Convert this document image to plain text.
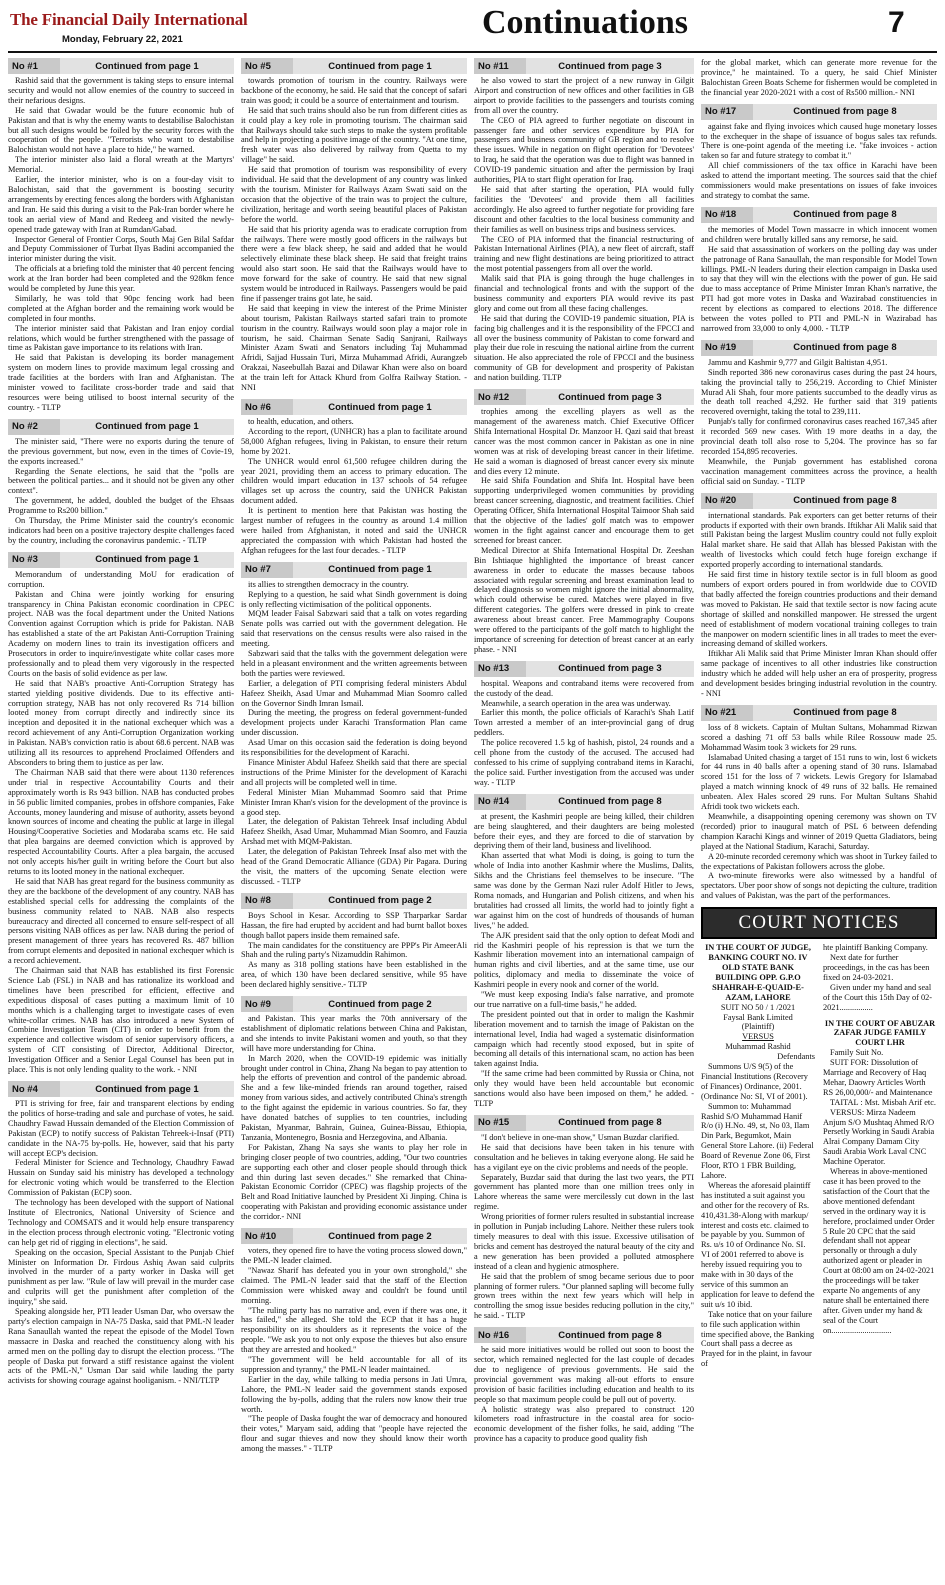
The Financial Daily International
Monday, February 22, 2021	Continuations	7
No #1	Continued from page 1

Rashid said that the government is taking steps to ensure internal security and would not allow enemies of the country to succeed in their nefarious designs.

He said that Gwadar would be the future economic hub of Pakistan and that is why the enemy wants to destabilise Balochistan but all such designs would be foiled by the security forces with the cooperation of the people. "Terrorists who want to destabilise Balochistan would not have a place to hide," he warned.

The interior minister also laid a floral wreath at the Martyrs' Memorial.

Earlier, the interior minister, who is on a four-day visit to Balochistan, said that the government is boosting security arrangements by erecting fences along the borders with Afghanistan and Iran. He said this during a visit to the Pak-Iran border where he took an aerial view of Mand and Redeeg and visited the newly-opened trade gateway with Iran at Rumdan/Gabad.

Inspector General of Frontier Corps, South Maj Gen Bilal Safdar and Deputy Commissioner of Turbat Ilyas Badini accompanied the interior minister during the visit.

The officials at a briefing told the minister that 40 percent fencing work at the Iran border had been completed and the 928km fence would be completed by June this year.

Similarly, he was told that 90pc fencing work had been completed at the Afghan border and the remaining work would be completed in four months.

The interior minister said that Pakistan and Iran enjoy cordial relations, which would be further strengthened with the passage of time as Pakistan gave importance to its relations with Iran.

He said that Pakistan is developing its border management system on modern lines to provide maximum legal crossing and trade facilities at the borders with Iran and Afghanistan. The minister vowed to facilitate cross-border trade and said that resources were being utilised to boost internal security of the country. - TLTP

No #2	Continued from page 1

The minister said, "There were no exports during the tenure of the previous government, but now, even in the times of Covie-19, the exports increased."

Regarding the Senate elections, he said that the "polls are between the political parties... and it should not be given any other context".

The government, he added, doubled the budget of the Ehsaas Programme to Rs200 billion."

On Thursday, the Prime Minister said the country's economic indicators had been on a positive trajectory despite challenges faced by the country, including the coronavirus pandemic. - TLTP

No #3	Continued from page 1

Memorandum of understanding MoU for eradication of corruption.

Pakistan and China were jointly working for ensuring transparency in China Pakistan economic coordination in CPEC project. NAB was the focal department under the United Nations Convention against Corruption which is pride for Pakistan. NAB has established a state of the art Pakistan Anti-Corruption Training Academy on modern lines to train its investigation officers and Prosecutors in order to inquire/investigate white collar cases more professionally and to plead them very vigorously in the respected Courts on the basis of solid evidence as per law.

He said that NAB's proactive Anti-Corruption Strategy has started yielding positive dividends. Due to its effective anti-corruption strategy, NAB has not only recovered Rs 714 billion looted money from corrupt directly and indirectly since its inception and deposited it in the national exchequer which was a record achievement of any Anti-Corruption Organization working in Pakistan. NAB's conviction ratio is about 68.6 percent. NAB was utilizing all its resources to apprehend Proclaimed Offenders and Absconders to bring them to justice as per law.

The Chairman NAB said that there were about 1130 references under trial in respective Accountability Courts and their approximately worth is Rs 943 billion. NAB has conducted probes in 56 public limited companies, probes in offshore companies, Fake Accounts, money laundering and misuse of authority, assets beyond known sources of income and cheating the public at large in illegal Housing/Cooperative Societies and Modaraba scams etc. He said that plea bargains are deemed conviction which is approved by respected Accountability Courts. After a plea bargain, the accused not only accepts his/her guilt in writing before the Court but also returns to its looted money in the national exchequer.

He said that NAB has great regard for the business community as they are the backbone of the development of any country. NAB has established special cells for addressing the complaints of the business community related to NAB. NAB also respects bureaucracy and directed all concerned to ensure self-respect of all persons visiting NAB offices as per law. NAB during the period of present management of three years has recovered Rs. 487 billion from corrupt elements and deposited in national exchequer which is a record achievement.

The Chairman said that NAB has established its first Forensic Science Lab (FSL) in NAB and has rationalize its workload and timelines have been prescribed for efficient, effective and expeditious disposal of cases putting a maximum limit of 10 months which is a challenging target to investigate cases of even white-collar crimes. NAB has also introduced a new System of Combine Investigation Team (CIT) in order to benefit from the experience and collective wisdom of senior supervisory officers, a system of CIT consisting of Director, Additional Director, Investigation Officer and a Senior Legal Counsel has been put in place. This is not only lending quality to the work. - NNI

No #4	Continued from page 1

PTI is striving for free, fair and transparent elections by ending the politics of horse-trading and sale and purchase of votes, he said. Chaudhry Fawad Hussain demanded of the Election Commission of Pakistan (ECP) to notify success of Pakistan Tehreek-i-Insaf (PTI) candidate in the NA-75 by-polls. He, however, said that his party will accept ECP's decision.

Federal Minister for Science and Technology, Chaudhry Fawad Hussain on Sunday said his ministry has developed a technology for electronic voting which would be transferred to the Election Commission of Pakistan (ECP) soon.

The technology has been developed with the support of National Institute of Electronics, National University of Science and Technology and COMSATS and it would help ensure transparency in the election process through electronic voting. "Electronic voting can help get rid of rigging in elections", he said.

Speaking on the occasion, Special Assistant to the Punjab Chief Minister on Information Dr. Firdous Ashiq Awan said culprits involved in the murder of a party worker in Daska will get punishment as per law. "Rule of law will prevail in the murder case and culprits will get the punishment after completion of the inquiry," she said.

Speaking alongside her, PTI leader Usman Dar, who oversaw the party's election campaign in NA-75 Daska, said that PML-N leader Rana Sanaullah wanted the repeat the episode of the Model Town massacre in Daska and reached the constituency along with his armed men on the polling day to disrupt the election process. "The people of Daska put forward a stiff resistance against the violent acts of the PML-N," Usman Dar said while lauding the party activists for showing courage against hooliganism. - NNI/TLTP

No #5	Continued from page 1

towards promotion of tourism in the country. Railways were backbone of the economy, he said. He said that the concept of safari train was good; it could be a source of entertainment and tourism.

He said that such trains should also be run from different cities as it could play a key role in promoting tourism. The chairman said that Railways should take such steps to make the system profitable and help in projecting a positive image of the country. "At one time, fresh water was also delivered by railway from Quetta to my village" he said.

He said that promotion of tourism was responsibility of every individual. He said that the development of any country was linked with the tourism. Minister for Railways Azam Swati said on the occasion that the objective of the train was to project the culture, civilization, heritage and worth seeing beautiful places of Pakistan before the world.

He said that his priority agenda was to eradicate corruption from the railways. There were mostly good officers in the railways but there were a few black sheep, he said and added that he would selectively eliminate these black sheep. He said that freight trains would also start soon. He said that the Railways would have to move forward for the sake of country. He said that new signal system would be introduced in Railways. Passengers would be paid fine if passenger trains got late, he said.

He said that keeping in view the interest of the Prime Minister about tourism, Pakistan Railways started safari train to promote tourism in the country. Railways would soon play a major role in tourism, he said. Chairman Senate Sadiq Sanjrani, Railways Minister Azam Swati and Senators including Taj Muhammad Afridi, Sajjad Hussain Turi, Mirza Muhammad Afridi, Aurangzeb Orakzai, Naseebullah Bazai and Dilawar Khan were also on board at the train left for Attack Khurd from Golfra Railway Station. - NNI

No #6	Continued from page 1

to health, education, and others.

According to the report, (UNHCR) has a plan to facilitate around 58,000 Afghan refugees, living in Pakistan, to ensure their return home by 2021.

The UNHCR would enrol 61,500 refugee children during the year 2021, providing them an access to primary education. The children would impart education in 137 schools of 54 refugee villages set up across the country, said the UNHCR Pakistan document added.

It is pertinent to mention here that Pakistan was hosting the largest number of refugees in the country as around 1.4 million were hailed from Afghanistan, it noted and said the UNHCR appreciated the compassion with which Pakistan had hosted the Afghan refugees for the last four decades. - TLTP

No #7	Continued from page 1

its allies to strengthen democracy in the country.

Replying to a question, he said what Sindh government is doing is only reflecting victimisation of the political opponents.

MQM leader Faisal Sabzwari said that a talk on votes regarding Senate polls was carried out with the government delegation. He said that reservations on the census results were also raised in the meeting.

Sabzwari said that the talks with the government delegation were held in a pleasant environment and the written agreements between both the parties were reviewed.

Earlier, a delegation of PTI comprising federal ministers Abdul Hafeez Sheikh, Asad Umar and Muhammad Mian Soomro called on the Governor Sindh Imran Ismail.

During the meeting, the progress on federal government-funded development projects under Karachi Transformation Plan came under discussion.

Asad Umar on this occasion said the federation is doing beyond its responsibilities for the development of Karachi.

Finance Minister Abdul Hafeez Sheikh said that there are special instructions of the Prime Minister for the development of Karachi and all projects will be completed well in time.

Federal Minister Mian Muhammad Soomro said that Prime Minister Imran Khan's vision for the development of the province is a good step.

Later, the delegation of Pakistan Tehreek Insaf including Abdul Hafeez Sheikh, Asad Umar, Muhammad Mian Soomro, and Fauzia Arshad met with MQM-Pakistan.

Later, the delegation of Pakistan Tehreek Insaf also met with the head of the Grand Democratic Alliance (GDA) Pir Pagara. During the visit, the matters of the upcoming Senate election were discussed. - TLTP

No #8	Continued from page 2

Boys School in Kesar. According to SSP Tharparkar Sardar Hassan, the fire had erupted by accident and had burnt ballot boxes though ballot papers inside them remained safe.

The main candidates for the constituency are PPP's Pir AmeerAli Shah and the ruling party's Nizamuddin Rahimon.

As many as 318 polling stations have been established in the area, of which 130 have been declared sensitive, while 95 have been declared highly sensitive.- TLTP

No #9	Continued from page 2

and Pakistan. This year marks the 70th anniversary of the establishment of diplomatic relations between China and Pakistan, and she intends to invite Pakistani women and youth, so that they will have more understanding for China.

In March 2020, when the COVID-19 epidemic was initially brought under control in China, Zhang Na began to pay attention to help the efforts of prevention and control of the pandemic abroad. She and a few like-minded friends ran around together, raised money from various sides, and actively contributed China's strength to the fight against the epidemic in various countries. So far, they have donated batches of supplies to ten countries, including Pakistan, Myanmar, Bahrain, Guinea, Guinea-Bissau, Ethiopia, Tanzania, Montenegro, Bosnia and Herzegovina, and Albania.

For Pakistan, Zhang Na says she wants to play her role in bringing closer people of two countries, adding, "Our two countries are supporting each other and closer people should through thick and thin during last seven decades." She remarked that China-Pakistan Economic Corridor (CPEC) was flagship projects of the Belt and Road Initiative launched by President Xi Jinping. China is cooperating with Pakistan and providing economic assistance under the corridor.- NNI

No #10	Continued from page 2

voters, they opened fire to have the voting process slowed down," the PML-N leader claimed.

"Nawaz Sharif has defeated you in your own stronghold," she claimed. The PML-N leader said that the staff of the Election Commission were whisked away and couldn't be found until morning.

"The ruling party has no narrative and, even if there was one, it has failed," she alleged. She told the ECP that it has a huge responsibility on its shoulders as it represents the voice of the people. "We ask you to not only expose the thieves but also ensure that they are arrested and hooked."

"The government will be held accountable for all of its suppression and tyranny," the PML-N leader maintained.

Earlier in the day, while talking to media persons in Jati Umra, Lahore, the PML-N leader said the government stands exposed following the by-polls, adding that the rulers now know their true worth.

"The people of Daska fought the war of democracy and honoured their votes," Maryam said, adding that "people have rejected the flour and sugar thieves and now they should know their worth among the masses." - TLTP

No #11	Continued from page 3

he also vowed to start the project of a new runway in Gilgit Airport and construction of new offices and other facilities in GB airport to provide facilities to the passengers and tourists coming from all over the country.

The CEO of PIA agreed to further negotiate on discount in passenger fare and other services expenditure by PIA for passengers and business community of GB region and to resolve these issues. While in negation on flight operation for 'Devotees' to Iraq, he said that the operation was due to flight was banned in COVID-19 pandemic situation and after the permission by Iraqi authorities, PIA to start flight operation for Iraq.

He said that after starting the operation, PIA would fully facilities the 'Devotees' and provide them all facilities accordingly. He also agreed to further negotiate for providing fare discount and other faculties to the local business community and their families as well on business trips and business services.

The CEO of PIA informed that the financial restructuring of Pakistan International Airlines (PIA), a new fleet of aircraft, staff training and new flight destinations are being prioritized to attract the most potential passengers from all over the world.

Malik said that PIA is going through the huge challenges in financial and technological fronts and with the support of the business community and exporters PIA would revive its past glory and come out from all these facing challenges.

He said that during the COVID-19 pandemic situation, PIA is facing big challenges and it is the responsibility of the FPCCI and all over the business community of Pakistan to come forward and play their due role in rescuing the national airline from the current situation. He also appreciated the role of FPCCI and the business community of GB for development and prosperity of Pakistan and nation building. TLTP

No #12	Continued from page 3

trophies among the excelling players as well as the management of the awareness match. Chief Executive Officer Shifa International Hospital Dr. Manzoor H. Qazi said that breast cancer was the most common cancer in Pakistan as one in nine women was at risk of developing breast cancer in their lifetime. He said a woman is diagnosed of breast cancer every six minute and dies every 12 minute.

He said Shifa Foundation and Shifa Int. Hospital have been supporting underprivileged women communities by providing breast cancer screening, diagnostic, and treatment facilities. Chief Operating Officer, Shifa International Hospital Taimoor Shah said that the objective of the ladies' golf match was to empower women in the fight against cancer and encourage them to get screened for breast cancer.

Medical Director at Shifa International Hospital Dr. Zeeshan Bin Ishtiaque highlighted the importance of breast cancer awareness in order to educate the masses because taboos associated with regular screening and breast examination lead to delayed diagnosis so women might ignore the initial abnormality, which could otherwise be cured. Matches were played in five different categories. The golfers were dressed in pink to create awareness about breast cancer. Free Mammography Coupons were offered to the participants of the golf match to highlight the importance of screening for detection of breast cancer at an early phase. - NNI

No #13	Continued from page 3

hospital. Weapons and contraband items were recovered from the custody of the dead.

Meanwhile, a search operation in the area was underway.

Earlier this month, the police officials of Karachi's Shah Latif Town arrested a member of an inter-provincial gang of drug peddlers.

The police recovered 1.5 kg of hashish, pistol, 24 rounds and a cell phone from the custody of the accused. The accused had confessed to his crime of supplying contraband items in Karachi, the police said. Further investigation from the accused was under way. - TLTP

No #14	Continued from page 8

at present, the Kashmiri people are being killed, their children are being slaughtered, and their daughters are being molested before their eyes, and they are forced to die of starvation by depriving them of their land, business and livelihood.

Khan asserted that what Modi is doing, is going to turn the whole of India into another Kashmir where the Muslims, Dalits, Sikhs and the Christians feel themselves to be insecure. "The same was done by the German Nazi ruler Adolf Hitler to Jews, Roma nomads, and Hungarian and Polish citizens, and when his brutalities had crossed all limits, the world had to jointly fight a war against him on the cost of hundreds of thousands of human lives," he added.

The AJK president said that the only option to defeat Modi and rid the Kashmiri people of his repression is that we turn the Kashmir liberation movement into an international campaign of human rights and civil liberties, and at the same time, use our politics, diplomacy and media to disseminate the voice of Kashmiri people in every nook and corner of the world.

"We must keep exposing India's false narrative, and promote our true narrative on a full-time basis," he added.

The president pointed out that in order to malign the Kashmir liberation movement and to tarnish the image of Pakistan on the international level, India had waged a systematic disinformation campaign which had recently stood exposed, but in spite of becoming all details of this international scam, no action has been taken against India.

"If the same crime had been committed by Russia or China, not only they would have been held accountable but economic sanctions would also have been imposed on them," he added. - TLTP

No #15	Continued from page 8

"I don't believe in one-man show," Usman Buzdar clarified.

He said that decisions have been taken in his tenure with consultation and he believes in taking everyone along. He said he has a vigilant eye on the civic problems and needs of the people.

Separately, Buzdar said that during the last two years, the PTI government has planted more than one million trees only in Lahore whereas the same were mercilessly cut down in the last regime.

Wrong priorities of former rulers resulted in substantial increase in pollution in Punjab including Lahore. Neither these rulers took timely measures to deal with this issue. Excessive utilisation of bricks and cement has destroyed the natural beauty of the city and a new generation has been provided a polluted atmosphere instead of a clean and hygienic atmosphere.

He said that the problem of smog became serious due to poor planning of former rulers. "Our planned sapling will become fully grown trees within the next few years which will help in controlling the smog issue besides reducing pollution in the city," he said. - TLTP

No #16	Continued from page 8

he said more initiatives would be rolled out soon to boost the sector, which remained neglected for the last couple of decades due to negligence of previous governments. He said the provincial government was making all-out efforts to ensure provision of basic facilities including education and health to its people so that maximum people could be pull out of poverty.

A holistic strategy was also prepared to construct 120 kilometers road infrastructure in the coastal area for socio-economic development of the fisher folks, he said, adding "The province has a capacity to produce good quality fish

for the global market, which can generate more revenue for the province," he maintained. To a query, he said Chief Minister Balochistan Green Boats Scheme for fishermen would be completed in the financial year 2020-2021 with a cost of Rs500 million.- NNI

No #17	Continued from page 8

against fake and flying invoices which caused huge monetary losses to the exchequer in the shape of issuance of bogus sales tax refunds. There is one-point agenda of the meeting i.e. "fake invoices - action taken so far and future strategy to combat it."

All chief commissioners of the tax office in Karachi have been asked to attend the important meeting. The sources said that the chief commissioners would make presentations on issues of fake invoices and strategy to combat the same.

No #18	Continued from page 8

the memories of Model Town massacre in which innocent women and children were brutally killed sans any remorse, he said.

He said that assassination of workers on the polling day was under the patronage of Rana Sanaullah, the man responsible for Model Town killings. PML-N leaders during their election campaign in Daska used to say that they will win the elections with the power of gun. He said due to mass acceptance of Prime Minister Imran Khan's narrative, the PTI had got more votes in Daska and Wazirabad constituencies in recent by elections as compared to elections 2018. The difference between the votes polled to PTI and PML-N in Wazirabad has narrowed from 33,000 to only 4,000. - TLTP

No #19	Continued from page 8

Jammu and Kashmir 9,777 and Gilgit Baltistan 4,951.

Sindh reported 386 new coronavirus cases during the past 24 hours, taking the provincial tally to 256,219. According to Chief Minister Murad Ali Shah, four more patients succumbed to the deadly virus as the death toll reached 4,292. He further said that 319 patients recovered overnight, taking the total to 239,111.

Punjab's tally for confirmed coronavirus cases reached 167,345 after it recorded 569 new cases. With 19 more deaths in a day, the provincial death toll also rose to 5,204. The province has so far recorded 154,895 recoveries.

Meanwhile, the Punjab government has established corona vaccination management committees across the province, a health official said on Sunday. - TLTP

No #20	Continued from page 8

international standards. Pak exporters can get better returns of their products if exported with their own brands. Iftikhar Ali Malik said that still Pakistan being the largest Muslim country could not fully exploit Halal market share. He said that Allah has blessed Pakistan with the wealth of livestocks which could fetch huge foreign exchange if exported properly according to international standards.

He said first time in history textile sector is in full bloom as good numbers of export orders poured in from worldwide due to COVID that badly affected the foreign countries productions and their demand was moved to Pakistan. He said that textile sector is now facing acute shortage of skilled and nonskilled manpower. He stressed the urgent need of establishment of modern vocational training colleges to train the manpower on modern scientific lines in all trades to meet the ever-increasing demand of skilled workers.

Iftikhar Ali Malik said that Prime Minister Imran Khan should offer same package of incentives to all other industries like construction industry which he added will help usher an era of prosperity, progress and development besides bringing industrial revolution in the country. - NNI

No #21	Continued from page 8

loss of 8 wickets. Captain of Multan Sultans, Mohammad Rizwan scored a dashing 71 off 53 balls while Rilee Rossouw made 25. Mohammad Wasim took 3 wickets for 29 runs.

Islamabad United chasing a target of 151 runs to win, lost 6 wickets for 44 runs in 40 balls after a opening stand of 30 runs. Islamabad scored 151 for the loss of 7 wickets. Lewis Gregory for Islamabad played a match winning knock of 49 runs of 32 balls. He remained unbeaten. Alex Hales scored 29 runs. For Multan Sultans Shahid Afridi took two wickets each.

Meanwhile, a disappointing opening ceremony was shown on TV (recorded) prior to inaugural match of PSL 6 between defending champion Karachi Kings and winner of 2019 Quetta Gladiators, being played at the National Stadium, Karachi, Saturday.

A 20-minute recorded ceremony which was shoot in Turkey failed to the expectations of Pakistan followers across the globe.

A two-minute fireworks were also witnessed by a handful of spectators. Uber poor show of songs not depicting the culture, tradition and values of Pakistan, was the part of the performances.

COURT NOTICES
IN THE COURT OF JUDGE, BANKING COURT NO. IV OLD STATE BANK BUILDING OPP. G.P.O SHAHRAH-E-QUAID-E-AZAM, LAHORE

SUIT NO 50 / 1 /2021

Faysal Bank Limited

(Plaintiff)

VERSUS

Muhammad Rashid

Defendants

Summons U/S 9(5) of the Financial Institutions (Recovery of Finances) Ordinance, 2001. (Ordinance No: SI, VI of 2001).

Summon to: Muhammad Rashid S/O Muhammad Hanif R/o (i) H.No. 49, st, No 03, Ilam Din Park, Begumkot, Main General Store Lahore. (ii) Federal Board of Revenue Zone 06, First Floor, RTO 1 FBR Building, Lahore.

Whereas the aforesaid plaintiff has instituted a suit against you and other for the recovery of Rs. 410,431.38-Along with markup/ interest and costs etc. claimed to be payable by you. Summon of Rs. u/s 10 of Ordinance No. SI. VI of 2001 referred to above is hereby issued requiring you to make with in 30 days of the service of this summon an application for leave to defend the suit u/s 10 ibid.

Take notice that on your failure to file such application within time specified above, the Banking Court shall pass a decree as Prayed for in the plaint, in favour of

hte plaintiff Banking Company.

Next date for further proceedings, in the cas has been fixed on 24-03-2021.

Given under my hand and seal of the Court this 15th Day of 02-2021................

IN THE COURT OF ABUZAR ZAFAR JUDGE FAMILY COURT LHR

Family Suit No.

SUIT FOR: Dissolution of Marriage and Recovery of Haq Mehar, Daowry Articles Worth RS 26,00,000/- and Maintenance

TAITAL : Mst. Misbah Arif etc.

VERSUS: Mirza Nadeem Anjum S/O Mushtaq Ahmed R/O Persetly Working in Saudi Arabia Alrai Company Damam City Saudi Arabia Work Laval CNC Machine Operator.

Whereas in above-mentioned case it has been proved to the satisfaction of the Court that the above mentioned defendant served in the ordinary way it is herefore, proclaimed under Order 5 Rule 20 CPC that the said defendant shall not appear personally or through a duly authorized agent or pleader in Court at 08:00 am on 24-02-2021 the proceedings will be taker exparte No angements of any nature shall be entertained there after. Given under my hand & seal of the Court on.............................
